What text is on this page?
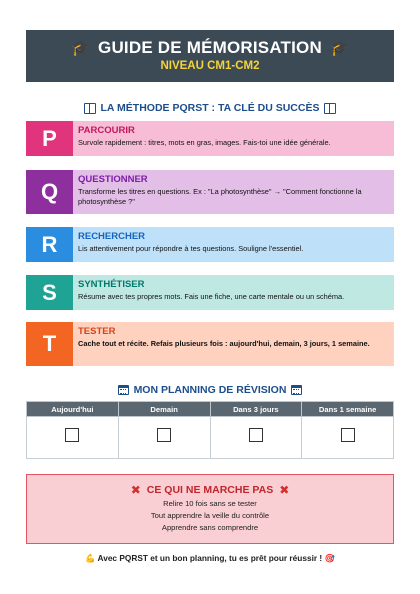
🎓 GUIDE DE MÉMORISATION 🎓
NIVEAU CM1-CM2
LA MÉTHODE PQRST : TA CLÉ DU SUCCÈS
P	PARCOURIR
Survole rapidement : titres, mots en gras, images. Fais-toi une idée générale.
Q	QUESTIONNER
Transforme les titres en questions. Ex : "La photosynthèse" → "Comment fonctionne la photosynthèse ?"
R	RECHERCHER
Lis attentivement pour répondre à tes questions. Souligne l'essentiel.
S	SYNTHÉTISER
Résume avec tes propres mots. Fais une fiche, une carte mentale ou un schéma.
T	TESTER
Cache tout et récite. Refais plusieurs fois : aujourd'hui, demain, 3 jours, 1 semaine.
MON PLANNING DE RÉVISION
Aujourd'hui	Demain	Dans 3 jours	Dans 1 semaine

✖ CE QUI NE MARCHE PAS ✖
Relire 10 fois sans se tester
Tout apprendre la veille du contrôle
Apprendre sans comprendre
💪 Avec PQRST et un bon planning, tu es prêt pour réussir ! 🎯
